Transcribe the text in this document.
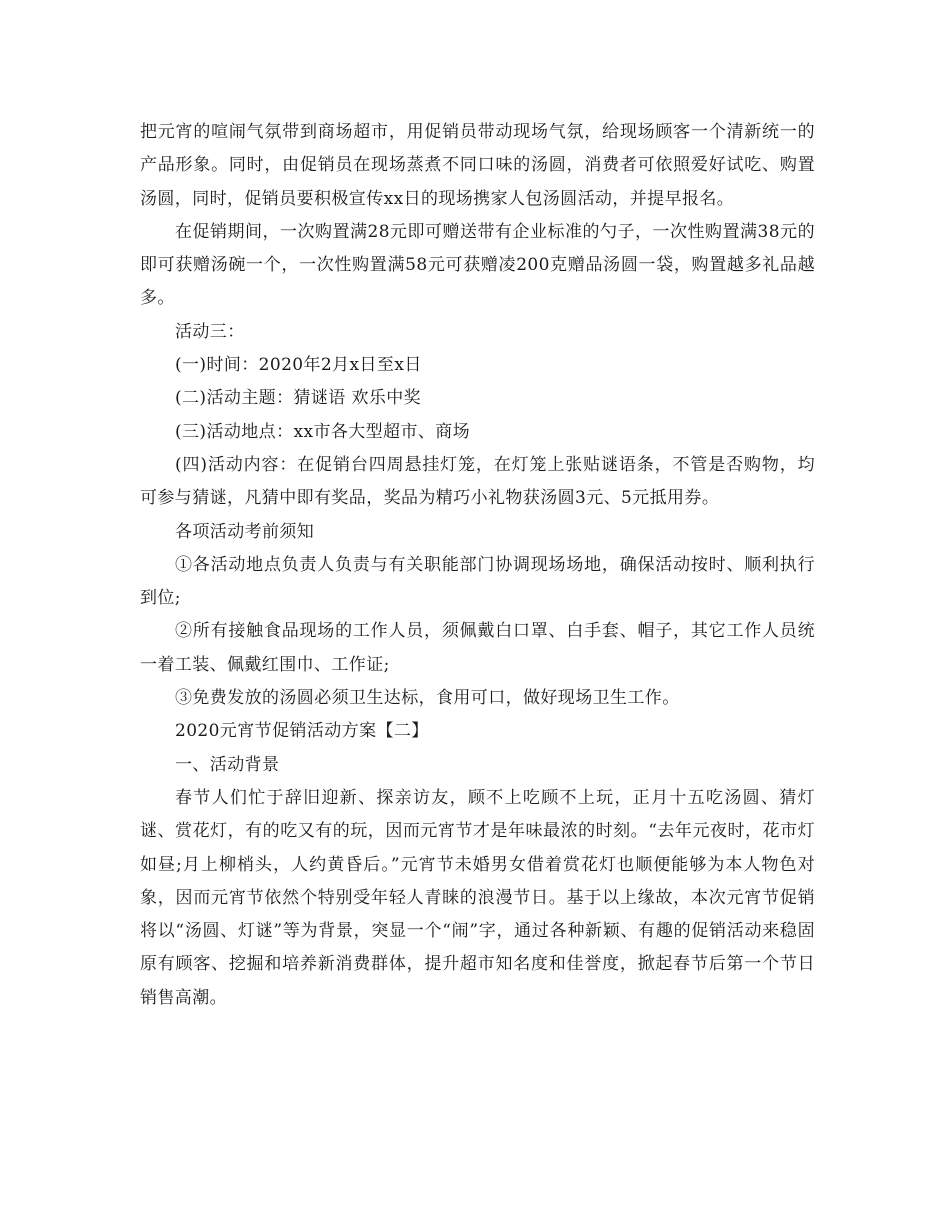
把元宵的喧闹气氛带到商场超市，用促销员带动现场气氛，给现场顾客一个清新统一的产品形象。同时，由促销员在现场蒸煮不同口味的汤圆，消费者可依照爱好试吃、购置汤圆，同时，促销员要积极宣传xx日的现场携家人包汤圆活动，并提早报名。

在促销期间，一次购置满28元即可赠送带有企业标准的勺子，一次性购置满38元的即可获赠汤碗一个，一次性购置满58元可获赠凌200克赠品汤圆一袋，购置越多礼品越多。

活动三：

(一)时间：2020年2月x日至x日

(二)活动主题：猜谜语 欢乐中奖

(三)活动地点：xx市各大型超市、商场

(四)活动内容：在促销台四周悬挂灯笼，在灯笼上张贴谜语条，不管是否购物，均可参与猜谜，凡猜中即有奖品，奖品为精巧小礼物获汤圆3元、5元抵用券。

各项活动考前须知

①各活动地点负责人负责与有关职能部门协调现场场地，确保活动按时、顺利执行到位;

②所有接触食品现场的工作人员，须佩戴白口罩、白手套、帽子，其它工作人员统一着工装、佩戴红围巾、工作证;

③免费发放的汤圆必须卫生达标，食用可口，做好现场卫生工作。

2020元宵节促销活动方案【二】

一、活动背景

春节人们忙于辞旧迎新、探亲访友，顾不上吃顾不上玩，正月十五吃汤圆、猜灯谜、赏花灯，有的吃又有的玩，因而元宵节才是年味最浓的时刻。“去年元夜时，花市灯如昼;月上柳梢头，人约黄昏后。”元宵节未婚男女借着赏花灯也顺便能够为本人物色对象，因而元宵节依然个特别受年轻人青睐的浪漫节日。基于以上缘故，本次元宵节促销将以“汤圆、灯谜”等为背景，突显一个“闹”字，通过各种新颖、有趣的促销活动来稳固原有顾客、挖掘和培养新消费群体，提升超市知名度和佳誉度，掀起春节后第一个节日销售高潮。
